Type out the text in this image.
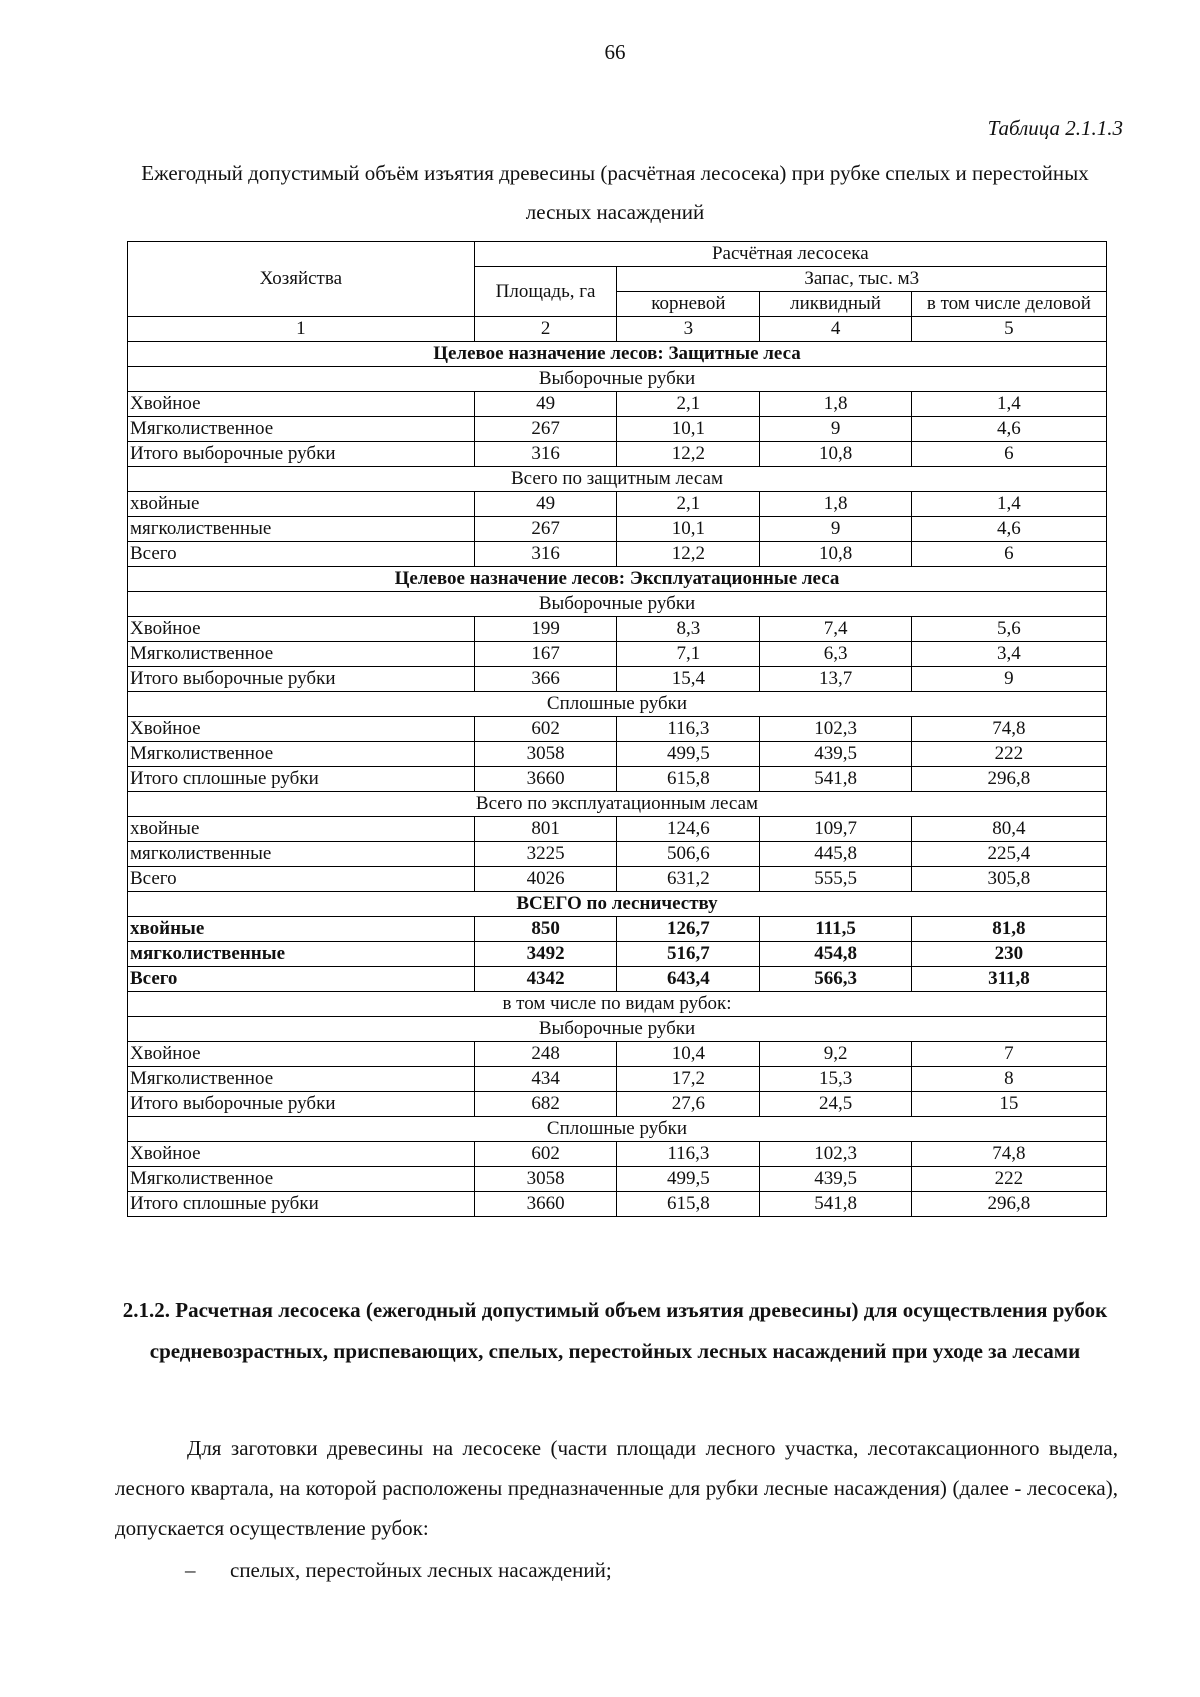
66
Таблица 2.1.1.3
Ежегодный допустимый объём изъятия древесины (расчётная лесосека) при рубке спелых и перестойных лесных насаждений
Хозяйства	Расчётная лесосека			
	Площадь, га	Запас, тыс. м3		
		корневой	ликвидный	в том числе деловой
1	2	3	4	5
Целевое назначение лесов: Защитные леса				
Выборочные рубки				
Хвойное	49	2,1	1,8	1,4
Мягколиственное	267	10,1	9	4,6
Итого выборочные рубки	316	12,2	10,8	6
Всего по защитным лесам				
хвойные	49	2,1	1,8	1,4
мягколиственные	267	10,1	9	4,6
Всего	316	12,2	10,8	6
Целевое назначение лесов: Эксплуатационные леса				
Выборочные рубки				
Хвойное	199	8,3	7,4	5,6
Мягколиственное	167	7,1	6,3	3,4
Итого выборочные рубки	366	15,4	13,7	9
Сплошные рубки				
Хвойное	602	116,3	102,3	74,8
Мягколиственное	3058	499,5	439,5	222
Итого сплошные рубки	3660	615,8	541,8	296,8
Всего по эксплуатационным лесам				
хвойные	801	124,6	109,7	80,4
мягколиственные	3225	506,6	445,8	225,4
Всего	4026	631,2	555,5	305,8
ВСЕГО по лесничеству				
хвойные	850	126,7	111,5	81,8
мягколиственные	3492	516,7	454,8	230
Всего	4342	643,4	566,3	311,8
в том числе по видам рубок:				
Выборочные рубки				
Хвойное	248	10,4	9,2	7
Мягколиственное	434	17,2	15,3	8
Итого выборочные рубки	682	27,6	24,5	15
Сплошные рубки				
Хвойное	602	116,3	102,3	74,8
Мягколиственное	3058	499,5	439,5	222
Итого сплошные рубки	3660	615,8	541,8	296,8
2.1.2. Расчетная лесосека (ежегодный допустимый объем изъятия древесины) для осуществления рубок средневозрастных, приспевающих, спелых, перестойных лесных насаждений при уходе за лесами

Для заготовки древесины на лесосеке (части площади лесного участка, лесотаксационного выдела, лесного квартала, на которой расположены предназначенные для рубки лесные насаждения) (далее - лесосека), допускается осуществление рубок:

– спелых, перестойных лесных насаждений;
